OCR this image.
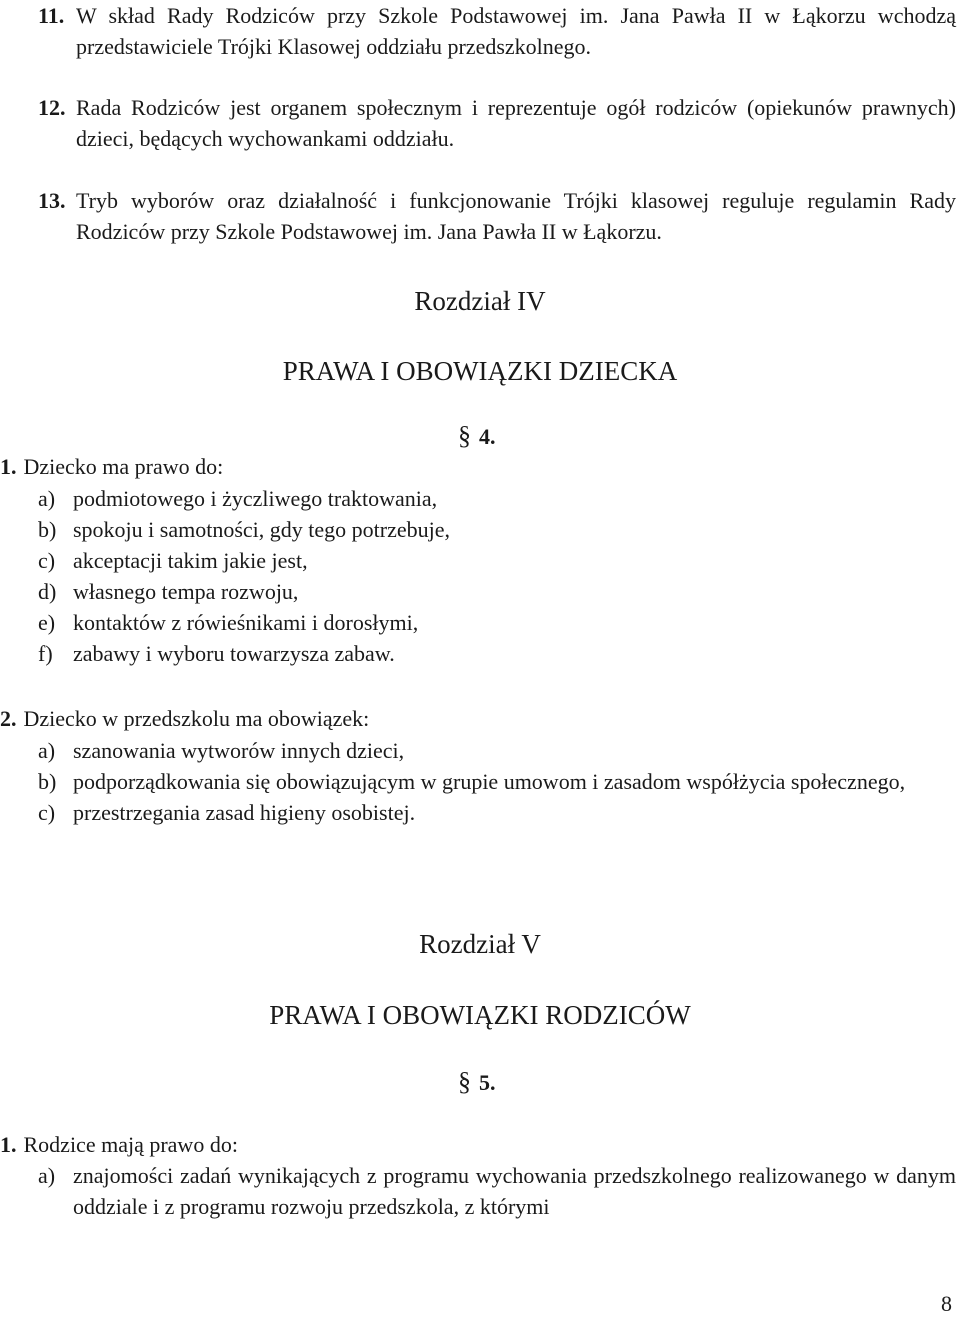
11. W skład Rady Rodziców przy Szkole Podstawowej im. Jana Pawła II w Łąkorzu wchodzą przedstawiciele Trójki Klasowej oddziału przedszkolnego.
12. Rada Rodziców jest organem społecznym i reprezentuje ogół rodziców (opiekunów prawnych) dzieci, będących wychowankami oddziału.
13. Tryb wyborów oraz działalność i funkcjonowanie Trójki klasowej reguluje regulamin Rady Rodziców przy Szkole Podstawowej im. Jana Pawła II w Łąkorzu.
Rozdział IV
PRAWA I OBOWIĄZKI DZIECKA
§ 4.
1. Dziecko ma prawo do:
a) podmiotowego i życzliwego traktowania,
b) spokoju i samotności, gdy tego potrzebuje,
c) akceptacji takim jakie jest,
d) własnego tempa rozwoju,
e) kontaktów z rówieśnikami i dorosłymi,
f) zabawy i wyboru towarzysza zabaw.
2. Dziecko w przedszkolu ma obowiązek:
a) szanowania wytworów innych dzieci,
b) podporządkowania się obowiązującym w grupie umowom i zasadom współżycia społecznego,
c) przestrzegania zasad higieny osobistej.
Rozdział V
PRAWA I OBOWIĄZKI RODZICÓW
§ 5.
1. Rodzice mają prawo do:
a) znajomości zadań wynikających z programu wychowania przedszkolnego realizowanego w danym oddziale i z programu rozwoju przedszkola, z którymi
8
